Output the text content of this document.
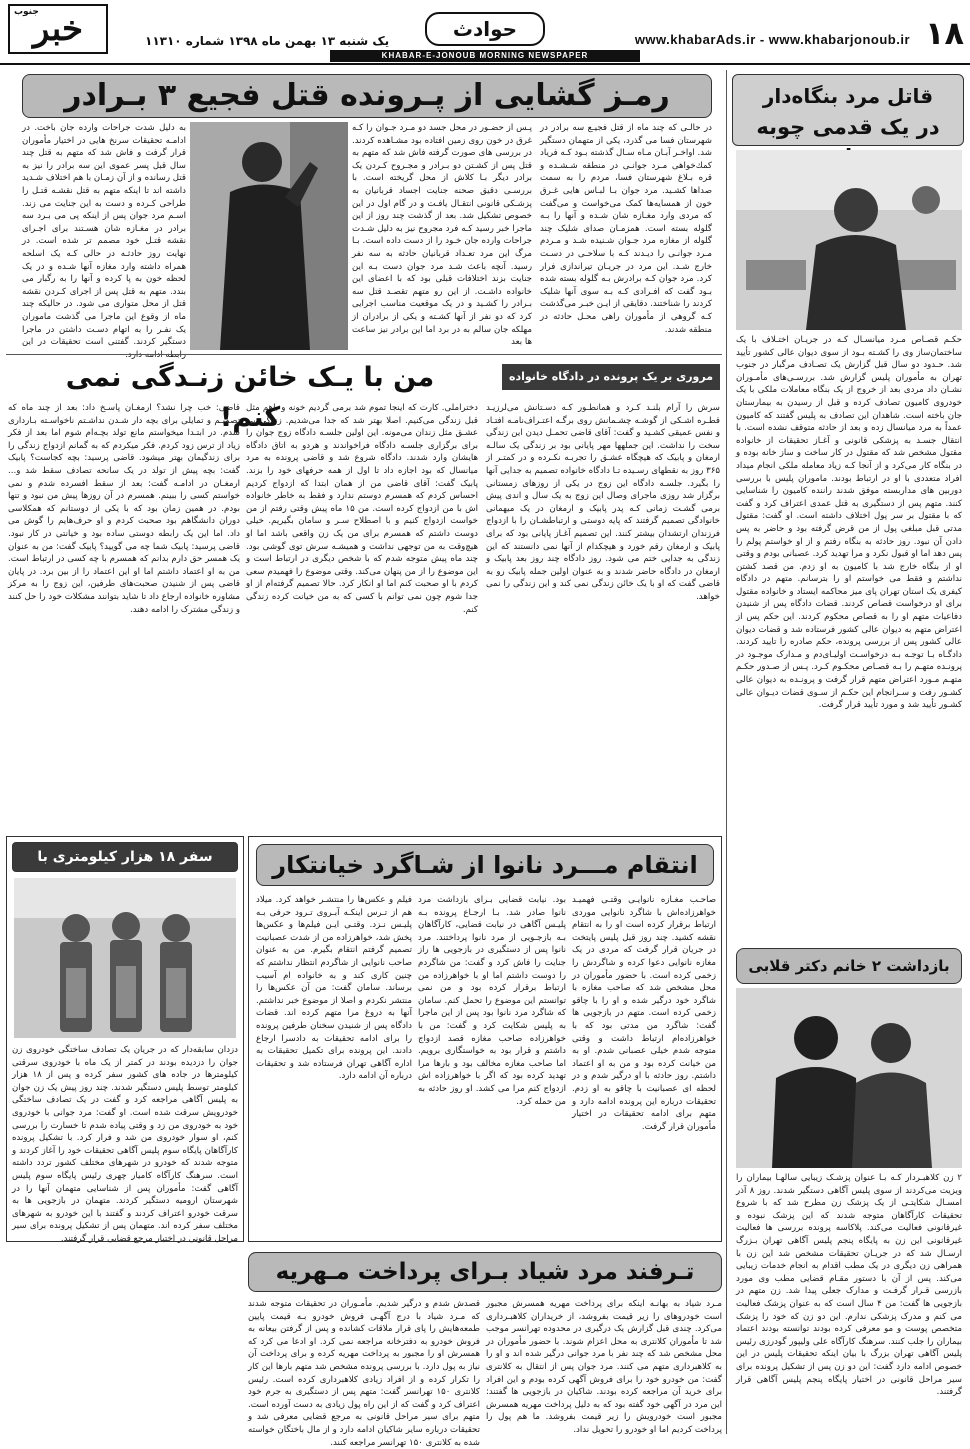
۱۸
www.khabarAds.ir - www.khabarjonoub.ir
حوادث
یک شنبه ۱۳ بهمن ماه ۱۳۹۸ شماره ۱۱۳۱۰
خبر
جنوب
KHABAR-E-JONOUB MORNING NEWSPAPER
رمـز گشایی از پـرونده قتل فجیع ۳ بـرادر
در حالـی که چند ماه از قتل فجیـع سه برادر در شهرستان فسا می گذرد، یکی از متهمان دستگیر شد. اواخـر آبـان مـاه سـال گذشته بـود کـه فرياد كمك‌خواهی مـرد جوانـی در منطقه شـشـده و قره بـلاغ شهرستان فسا، مردم را به سمت صداها کشـید. مرد جوان بـا لبـاس هایی غـرق خون از همسایه‌ها کمک می‌خواست و می‌گفت که مردی وارد مغـازه شان شـده و آنها را بـه گلوله بسته است. همزمـان صدای شلیک چند گلوله از مغازه مرد جـوان شـنیده شـد و مـردم مـرد جوانـی را دیـدند کـه با سلاحـی در دسـت خارج شـد. این مرد در جریـان تیراندازی فرار کرد. مرد جوان کـه برادرش بـه گلوله بسته شده بـود گفت که افـرادی کـه بـه سوی آنها شلیک کردند را شناختند. دقایقی از ایـن خبـر می‌گذشت کـه گروهی از مأموران راهی محـل حادثه در منطقه شدند.
پـس از حضـور در محل جسد دو مـرد جـوان را کـه غرق در خون روی زمین افتاده بود مشـاهده كردند. در بررسی های صورت گرفته فاش شد که متهم به قتل پس از کشـتن دو بـرادر و مجـروح کـردن یک برادر دیگر بـا کلاش از محل گریخته است. با بررسـی دقیق صحنه جنایت اجساد قربانیان به پزشـکی قانونی انتقـال یافـت و در گام اول در این خصوص تشکیل شد. بعد از گذشت چند روز از این ماجرا خبر رسید کـه فرد مجروح نیز به دلیل شـدت جراحات وارده جان خـود را از دست داده است. بـا مرگ این مرد تعـداد قربانیان حادثه به سه نفر رسید. آنچه باعث شـد مرد جوان دست بـه این جنایت بزند اختلافات قبلی بود که با اعضای این خانواده داشـت. از این رو متهم تقصـد قتل سه بـرادر را کشـید و در یک موقعیت مناسب اجرایی کرد که دو نفر از آنها کشـته و یکی از برادران از مهلکه جان سالم به در برد اما این برادر نیز ساعت ها بعد
به دلیل شدت جراحات وارده جان باخت. در ادامـه تحقیقات سرنخ هایی در اختیار مأموران قرار گرفت و فاش شد که متهم به قتل چند سال قبل پسر عموی این سه برادر را نیز به قتل رسانده و از آن زمـان با هم اختلاف شـدید داشته اند تا اینکه متهم به قتل نقشـه قتـل را طراحی کـرده و دست به این جنایت می زند. اسـم مرد جوان پس از اینکه پی می بـرد سه برادر در مغـازه شان هسـتند برای اجـرای نقشه قتـل خود مصمم تر شده است. در نهایت روز حادثـه در حالی کـه یک اسلحه همراه داشته وارد مغازه آنها شـده و در یک لحظه خون به پا کرده و آنها را به رگبار می بندد. متهم به قتل پس از اجرای کـردن نقشه قتل از محل متواری می شود. در حالیکه چند ماه از وقوع این ماجرا می گذشت ماموران یک نفـر را به اتهام دسـت داشتن در ماجرا دستگیر کردند. گفتنی است تحقیقات در این
من با یـک خائن زنـدگی نمی کنم!
مروری بر یک پرونده در دادگاه خانواده
سرش را آرام بلنـد کـرد و همانطـور کـه دسـتانش می‌لرزیـد قطـره اشـکی از گوشـه چشـمانش روی برگـه اعتـراف‌نامـه افتـاد و نفس عمیقی کشـید و گفت: آقای قاضی تحمـل دیدن این زندگی سخت را نداشت. این جملهها مهر پایانی بود بر زندگی یک سالـه ارمغان و پابیک که هیچگاه عشـق را تجربـه نکـرده و در کمتـر از ۳۶۵ روز به نقطهای رسـیده تـا دادگاه خانواده تصمیم به جدایی آنها را بگیرد. جلسـه دادگاه این زوج در یکی از روزهای زمستانی برگزار شد روزی ماجرای وصال این زوج به یک سال و اندی پیش برمی گشـت زمانی کـه پدر پابیک و ارمغان در یک میهمانی خانوادگی تصمیم گرفتند که پایه دوستی و ارتباطشـان را با ازدواج فرزندان ارتشدان بیشتر کنند. این تصمیم آغـاز پایانی بود که برای پابیک و ارمغان رقم خورد و هیچکدام از آنها نمی دانستند که این زندگی به جدایی ختم می شود. روز دادگاه چند روز بعد پابیک و ارمغان در دادگاه حاضر شدند و به عنوان اولین جمله پابیک رو به قاضی گفت که او با یک خائن زندگی نمی کند و این زندگی را نمی خواهد.
دختراملی. کارت که اینجا تموم شد برمی گردیم خونه و باهم مثل قبل زندگی می‌کنیم. اصلا بهتر شد که جدا می‌شدیم. زندگی بی عشـق مثل زندان می‌مونه. این اولین جلسـه دادگاه زوج جوان را برای برگزاری جلسـه دادگاه فراخواندند و هردو به اتاق دادگاه هایشان وارد شدند. دادگاه شروع شد و قاضی پرونده به مرد میانسال که بود اجازه داد تا اول از همه حرفهای خود را بزند. پابیک گفت: آقای قاضی من از همان ابتدا که ازدواج کردیم احساس کردم که همسرم دوستم ندارد و فقط به خاطر خانواده اش با من ازدواج کرده است. من ۱۵ ماه پیش وقتی رفتم از من خواست ازدواج کنیم و با اصطلاح سـر و سامان بگیریم. خیلی دوست داشتم که همسرم برای من یک زن واقعی باشد اما او هیچ‌وقت به من توجهی نداشت و همیشـه سرش توی گوشی بود. چند ماه پیش متوجه شدم که با شخص دیگری در ارتباط است و این موضوع را از من پنهان می‌کند. وقتی موضوع را فهمیدم سعی کردم با او صحبت کنم اما او انکار کرد. حالا تصمیم گرفته‌ام از او جدا شوم چون نمی توانم با کسی که به من خیانت کرده زندگی کنم.
قاضی: خب چرا نشد؟ ارمغـان پاسـخ داد: بعد از چند ماه که تصمیـم و تمایلی برای بچه دار شـدن نداشـتم ناخواسـته بـارداری شدم. در ابتـدا میخواستم مانع تولد بچـه‌ام شوم اما بعد از فکر زیاد از ترس زود کردم. فکر میکردم که به گمانم ازدواج زندگی را برای زندگیمان بهتر میشود. قاضی پرسید: بچه کجاست؟ پابیک گفت: بچه پیش از تولد در یک سانحه تصادف سقط شد و... ارمغـان در ادامـه گفت: بعد از سقط افسرده شدم و نمی خواستم کسی را ببینم. همسرم در آن روزها پیش من نبود و تنها بودم. در همین زمان بود که با یکی از دوستانم که همکلاسی دوران دانشگاهم بود صحبت کردم و او حرف‌هایم را گوش می داد. اما این یک رابطه دوستی ساده بود و خیانتی در کار نبود. قاضی پرسید: پابیک شما چه می گویید؟ پابیک گفت: من به عنوان یک همسر حق دارم بدانم که همسرم با چه کسی در ارتباط است. من به او اعتماد داشتم اما او این اعتماد را از بین برد. در پایان قاضی پس از شنیدن صحبت‌های طرفین، این زوج را به مرکز مشاوره خانواده ارجاع داد تا شاید بتوانند مشکلات خود را حل کنند و زندگی مشترک را ادامه دهند.
سفر ۱۸ هزار کیلومتری با
دزدان سابقه‌دار که در جریان یک تصادف ساختگی خودروی زن جوان را دزدیده بودند در کمتر از یک ماه با خودروی سرقتی کیلومترها در جاده های کشور سفر کرده و پس از ۱۸ هزار کیلومتر توسط پلیس دستگیر شدند. چند روز پیش یک زن جوان به پلیس آگاهی مراجعه کرد و گفت در یک تصادف ساختگی خودرویش سرقت شده است. او گفت: مرد جوانی با خودروی خود به خودروی من زد و وقتی پیاده شدم تا خسارت را بررسی کنم، او سوار خودروی من شد و فرار کرد. با تشکیل پرونده کارآگاهان پایگاه سوم پلیس آگاهی تحقیقات خود را آغاز کردند و متوجه شدند که خودرو در شهرهای مختلف کشور تردد داشته است. سرهنگ کارآگاه کامیار چهری رئیس پایگاه سوم پلیس آگاهی گفت: مأموران پس از شناسایی متهمان آنها را در شهرستان ارومیه دستگیر کردند. متهمان در بازجویی ها به سرقت خودرو اعتراف کردند و گفتند با این خودرو به شهرهای مختلف سفر کرده اند. متهمان پس از تشکیل پرونده برای سیر مراحل قانونی در اختیار مرجع قضایی قرار گرفتند.
انتقام مـــرد نانوا از شـاگرد خیانتکار
صاحـب مغـازه نانوایـی وقتـی فهمیـد خواهرزاده‌اش با شاگرد نانوایی موردی ارتباط برقرار کرده است او را به انتقام نقشه کشید. چند روز قبل پلیس پایتخت در جریان قرار گرفت که مردی در یک مغازه نانوایی دعوا کرده و شاگردش را زخمی کرده است. با حضور مأموران در محل مشخص شد که صاحب مغازه با شاگرد خود درگیر شده و او را با چاقو زخمی کرده است. متهم در بازجویی ها گفت: شاگرد من مدتی بود که با خواهرزاده‌ام ارتباط داشت و وقتی متوجه شدم خیلی عصبانی شدم. او به من خیانت کرده بود و من به او اعتماد داشتم. روز حادثه با او درگیر شدم و در لحظه ای عصبانیت با چاقو به او زدم. تحقیقات درباره این پرونده ادامه دارد و متهم برای ادامه تحقیقات در اختیار مأموران قرار گرفت.
بود. نیابت قضایی بـرای بازداشت مرد نانوا صادر شد. بـا ارجـاع پرونده بـه پلیـس آگاهی در نیابت قضایی، کارآگاهان بـه بازجـویی از مرد نانوا پرداختند. مرد نانوا پس از دستگیری در بازجویی ها راز جنایت را فاش کرد و گفت: من شاگردم را دوست داشتم اما او با خواهرزاده من ارتباط برقرار کرده بود و من نمی توانستم این موضوع را تحمل کنم. سامان که شاگرد مرد نانوا بود پس از این ماجرا به پلیس شکایت کرد و گفت: من با خواهرزاده صاحب مغازه قصد ازدواج داشتم و قرار بود به خواستگاری برویم. اما صاحب مغازه مخالف بود و بارها مرا تهدید کرده بود که اگر با خواهرزاده اش ازدواج کنم مرا می کشد. او روز حادثه به من حمله کرد.
فیلم و عکس‌ها را منتشـر خواهد کرد. میلاد هم از تـرس اینکـه آبـروی تـرود حرفی بـه پلیـس نـزد. وقتـی ایـن فیلم‌ها و عکس‌ها پخش شد، خواهرزاده من از شدت عصبانیت تصمیم گرفتم انتقام بگیرم. من به عنوان صاحب نانوایی از شاگردم انتظار نداشتم که چنین کاری کند و به خانواده ام آسیب برساند. سامان گفت: من آن عکس‌ها را منتشر نکردم و اصلا از موضوع خبر نداشتم. آنها به دروغ مرا متهم کرده اند. قضات دادگاه پس از شنیدن سخنان طرفین پرونده را برای ادامه تحقیقات به دادسرا ارجاع دادند. این پرونده برای تکمیل تحقیقات به اداره آگاهی تهران فرستاده شد و تحقیقات درباره آن ادامه دارد.
تـرفند مرد شیاد بـرای پرداخت مـهریه
مـرد شیاد به بهانـه اینکه برای پرداخت مهریه همسرش مجبور است خودروهای را زیر قیمت بفروشد، از خریداران کلاهبـرداری می‌کرد. چندی قبل گزارش یک درگیری در محدوده تهرانسر موجب شد تا مأموران کلانتری به محل اعزام شوند. با حضور مأموران در محل مشخص شد که چند نفر با مرد جوانی درگیر شده اند و او را به کلاهبرداری متهم می کنند. مرد جوان پس از انتقال به کلانتری گفت: من خودرو خود را برای فروش آگهی کرده بودم و این افراد برای خرید آن مراجعه کرده بودند. شاکیان در بازجویی ها گفتند: این مرد در آگهی خود گفته بود که به دلیل پرداخت مهریه همسرش مجبور است خودرویش را زیر قیمت بفروشد. ما هم پول را پرداخت کردیم اما او خودرو را تحویل نداد.
قصدش شدم و درگیر شدیم. مأمـوران در تحقیقات متوجه شدند که مـرد شیاد با درج آگهـی فروش خودرو بـه قیمت پایین طمعه‌هایش را پای قرار ملاقات کشانده و پس از گرفتن بیعانه به فروش خودرو به دفترخانه مراجعه نمی کرد. او ادعا می کرد که همسرش او را مجبور به پرداخت مهریه کرده و برای پرداخت آن نیاز به پول دارد. با بررسی پرونده مشخص شد متهم بارها این کار را تکرار کرده و از افراد زیادی کلاهبرداری کرده است. رئیس کلانتری ۱۵۰ تهرانسر گفت: متهم پس از دستگیری به جرم خود اعتراف کرد و گفت که از این راه پول زیادی به دست آورده است. متهم برای سیر مراحل قانونی به مرجع قضایی معرفی شد و تحقیقات درباره سایر شاکیان ادامه دارد و از مال باختگان خواسته شده به کلانتری ۱۵۰ تهرانسر مراجعه کنند.
قاتل مرد بنگاه‌دار
در یک قدمی چوبه
حکـم قصـاص مـرد میانسـال کـه در جریـان اختـلاف با یک ساختمان‌ساز وی را کشـته بـود از سوی دیوان عالی کشور تأیید شد. حـدود دو سال قبل گزارش یک تصـادف مرگبار در جنوب تهران به مأموران پلیس گزارش شد. بررسـی‌های مأمـوران نشـان داد مردی بعد از خروج از یک بنگاه معاملات ملکی با یک خودروی کامیون تصادف کرده و قبل از رسیدن به بیمارستان جان باخته است. شاهدان این تصادف به پلیس گفتند که کامیون عمداً به مرد میانسال زده و بعد از حادثه متوقف نشده است. با انتقال جسـد به پزشکی قانونی و آغـاز تحقیقات از خانواده مقتول مشخص شد که مقتول در کار ساخت و ساز خانه بوده و در بنگاه کار می‌کرد و از آنجا کـه زیاد معامله ملکی انجام میداد افراد متعددی با او در ارتباط بودند. ماموران پلیس با بررسی دوربین های مداربسته موفق شدند راننده کامیون را شناسایی کنند. متهم پس از دستگیری به قتل عمدی اعتراف کرد و گفت که با مقتول بر سر پول اختلاف داشته است. او گفت: مقتول مدتی قبل مبلغی پول از من قرض گرفته بود و حاضر به پس دادن آن نبود. روز حادثه به بنگاه رفتم و از او خواستم پولم را پس دهد اما او قبول نکرد و مرا تهدید کرد. عصبانی بودم و وقتی او از بنگاه خارج شد با کامیون به او زدم. من قصد کشتن نداشتم و فقط می خواستم او را بترسانم. متهم در دادگاه کیفری یک استان تهران پای میز محاکمه ایستاد و خانواده مقتول برای او درخواست قصاص کردند. قضات دادگاه پس از شنیدن دفاعیات متهم او را به قصاص محکوم کردند. این حکم پس از اعتراض متهم به دیوان عالی کشور فرستاده شد و قضات دیوان عالی کشور پس از بررسی پرونده، حکم صادره را تایید کردند. دادگـاه بـا توجـه بـه درخواسـت اولیـای‌دم و مـدارک موجـود در پرونـده متهـم را بـه قصـاص محکـوم کـرد. پـس از صـدور حکـم متهـم مـورد اعتراض متهم قرار گرفت و پرونـده به دیوان عالی کشـور رفت و سـرانجام این حکـم از سـوی قضات دیـوان عالی کشـور تأیید شد و مورد تأیید قرار گرفت.
بازداشت ۲ خانم دکتر قلابی
۲ زن کلاهبـردار کـه بـا عنوان پزشـک زیبایی سالهـا بیماران را ویزیت می‌کردند از سوی پلیس آگاهی دستگیر شدند. روز ۸ آذر امسـال شکایتـی از یک پزشک زن مطرح شد که با شروع تحقیقات کارآگاهان متوجه شدند که این پزشک نبوده و غیرقانونی فعالیت می‌کند. پلاکاسه پرونده بررسی ها فعالیت غیرقانونی این زن به پایگاه پنجم پلیس آگاهی تهران بـزرگ ارسـال شد که در جریـان تحقیقات مشخص شد این زن با همراهی زن دیگری در یک مطب اقدام به انجام خدمات زیبایی می‌کند. پس از آن با دستور مقـام قضایی مطب وی مورد بازرسی قـرار گرفـت و مدارک جعلی پیدا شد. زن متهم در بازجویی ها گفت: من ۴ سال است که به عنوان پزشک فعالیت می کنم و مدرک پزشکی ندارم. این دو زن که خود را پزشک متخصص پوست و مو معرفی کرده بودند توانسته بودند اعتماد بیماران را جلب کنند. سرهنگ کارآگاه علی ولیپور گودرزی رئیس پلیس آگاهی تهران بزرگ با بیان اینکه تحقیقات پلیس در این خصوص ادامه دارد گفت: این دو زن پس از تشکیل پرونده برای سیر مراحل قانونی در اختیار پایگاه پنجم پلیس آگاهی قرار گرفتند.
